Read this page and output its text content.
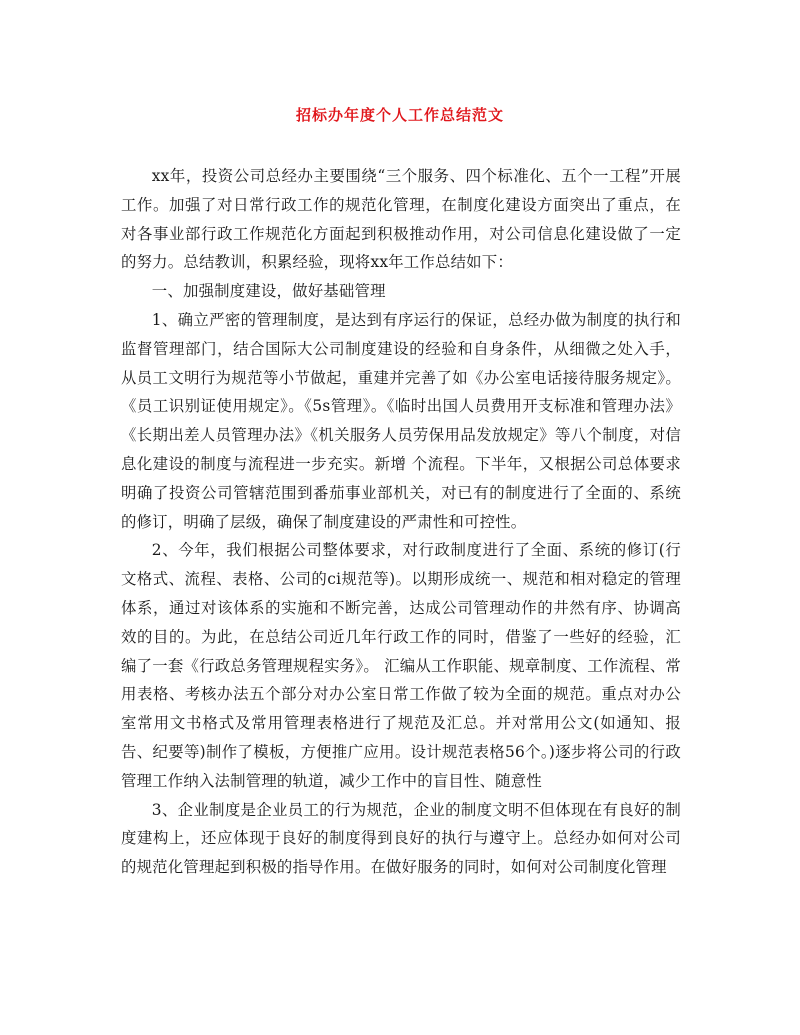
招标办年度个人工作总结范文

xx年，投资公司总经办主要围绕“三个服务、四个标准化、五个一工程”开展工作。加强了对日常行政工作的规范化管理，在制度化建设方面突出了重点，在对各事业部行政工作规范化方面起到积极推动作用，对公司信息化建设做了一定的努力。总结教训，积累经验，现将xx年工作总结如下：

一、加强制度建设，做好基础管理

1、确立严密的管理制度，是达到有序运行的保证，总经办做为制度的执行和监督管理部门，结合国际大公司制度建设的经验和自身条件，从细微之处入手，从员工文明行为规范等小节做起，重建并完善了如《办公室电话接待服务规定》。《员工识别证使用规定》。《5s管理》。《临时出国人员费用开支标准和管理办法》《长期出差人员管理办法》《机关服务人员劳保用品发放规定》等八个制度，对信息化建设的制度与流程进一步充实。新增 个流程。下半年，又根据公司总体要求明确了投资公司管辖范围到番茄事业部机关，对已有的制度进行了全面的、系统的修订，明确了层级，确保了制度建设的严肃性和可控性。

2、今年，我们根据公司整体要求，对行政制度进行了全面、系统的修订(行文格式、流程、表格、公司的ci规范等)。以期形成统一、规范和相对稳定的管理体系，通过对该体系的实施和不断完善，达成公司管理动作的井然有序、协调高效的目的。为此，在总结公司近几年行政工作的同时，借鉴了一些好的经验，汇编了一套《行政总务管理规程实务》。 汇编从工作职能、规章制度、工作流程、常用表格、考核办法五个部分对办公室日常工作做了较为全面的规范。重点对办公室常用文书格式及常用管理表格进行了规范及汇总。并对常用公文(如通知、报告、纪要等)制作了模板，方便推广应用。设计规范表格56个。)逐步将公司的行政管理工作纳入法制管理的轨道，减少工作中的盲目性、随意性

3、企业制度是企业员工的行为规范，企业的制度文明不但体现在有良好的制度建构上，还应体现于良好的制度得到良好的执行与遵守上。总经办如何对公司的规范化管理起到积极的指导作用。在做好服务的同时，如何对公司制度化管理
